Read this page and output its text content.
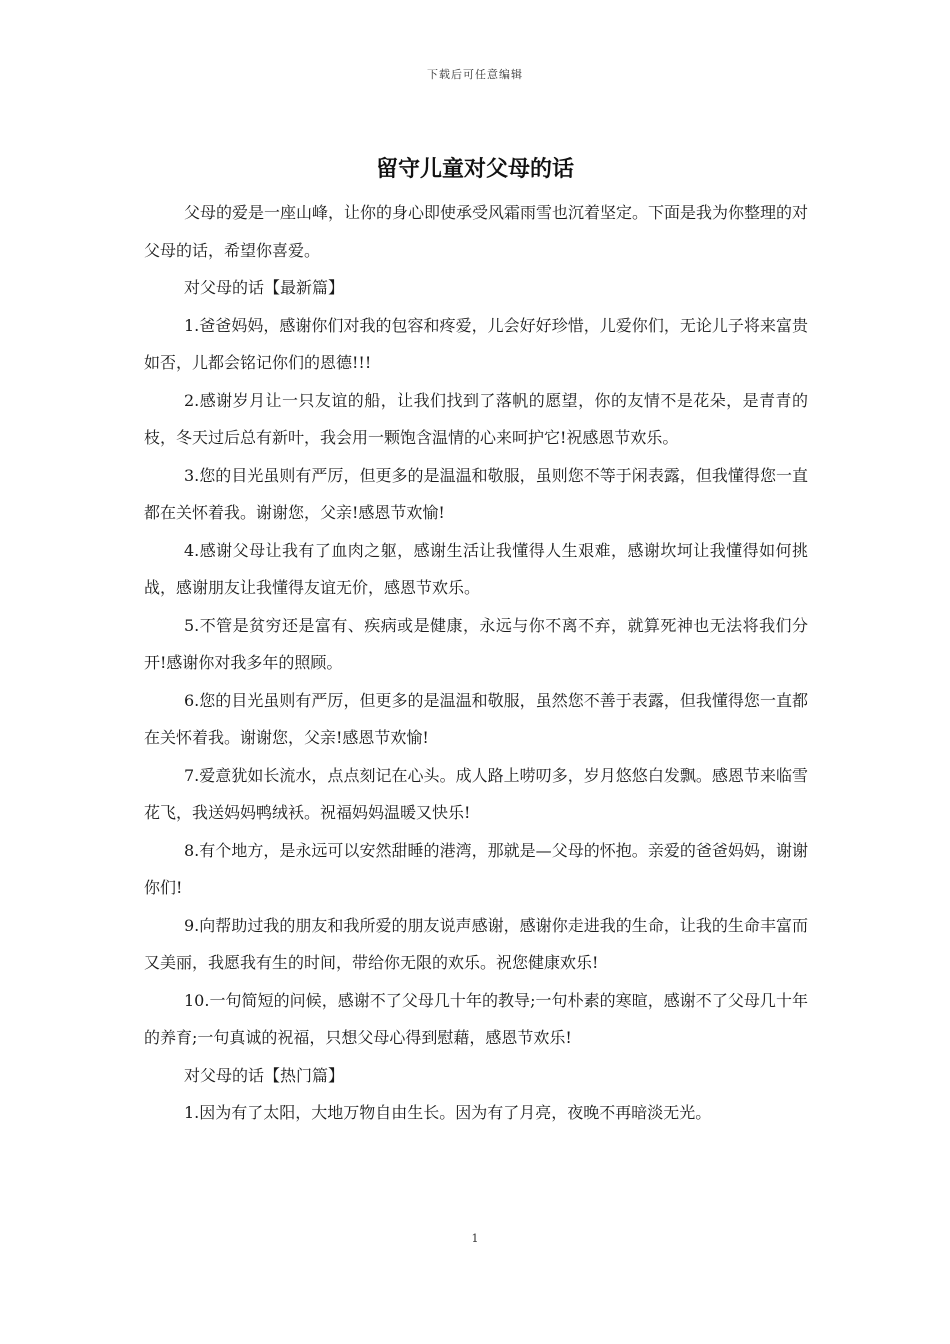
下载后可任意编辑
留守儿童对父母的话

父母的爱是一座山峰，让你的身心即使承受风霜雨雪也沉着坚定。下面是我为你整理的对父母的话，希望你喜爱。

对父母的话【最新篇】

1.爸爸妈妈，感谢你们对我的包容和疼爱，儿会好好珍惜，儿爱你们，无论儿子将来富贵如否，儿都会铭记你们的恩德!!!

2.感谢岁月让一只友谊的船，让我们找到了落帆的愿望，你的友情不是花朵，是青青的枝，冬天过后总有新叶，我会用一颗饱含温情的心来呵护它!祝感恩节欢乐。

3.您的目光虽则有严厉，但更多的是温温和敬服，虽则您不等于闲表露，但我懂得您一直都在关怀着我。谢谢您，父亲!感恩节欢愉!

4.感谢父母让我有了血肉之躯，感谢生活让我懂得人生艰难，感谢坎坷让我懂得如何挑战，感谢朋友让我懂得友谊无价，感恩节欢乐。

5.不管是贫穷还是富有、疾病或是健康，永远与你不离不弃，就算死神也无法将我们分开!感谢你对我多年的照顾。

6.您的目光虽则有严厉，但更多的是温温和敬服，虽然您不善于表露，但我懂得您一直都在关怀着我。谢谢您，父亲!感恩节欢愉!

7.爱意犹如长流水，点点刻记在心头。成人路上唠叨多，岁月悠悠白发飘。感恩节来临雪花飞，我送妈妈鸭绒袄。祝福妈妈温暖又快乐!

8.有个地方，是永远可以安然甜睡的港湾，那就是—父母的怀抱。亲爱的爸爸妈妈，谢谢你们!

9.向帮助过我的朋友和我所爱的朋友说声感谢，感谢你走进我的生命，让我的生命丰富而又美丽，我愿我有生的时间，带给你无限的欢乐。祝您健康欢乐!

10.一句简短的问候，感谢不了父母几十年的教导;一句朴素的寒暄，感谢不了父母几十年的养育;一句真诚的祝福，只想父母心得到慰藉，感恩节欢乐!

对父母的话【热门篇】

1.因为有了太阳，大地万物自由生长。因为有了月亮，夜晚不再暗淡无光。

1
